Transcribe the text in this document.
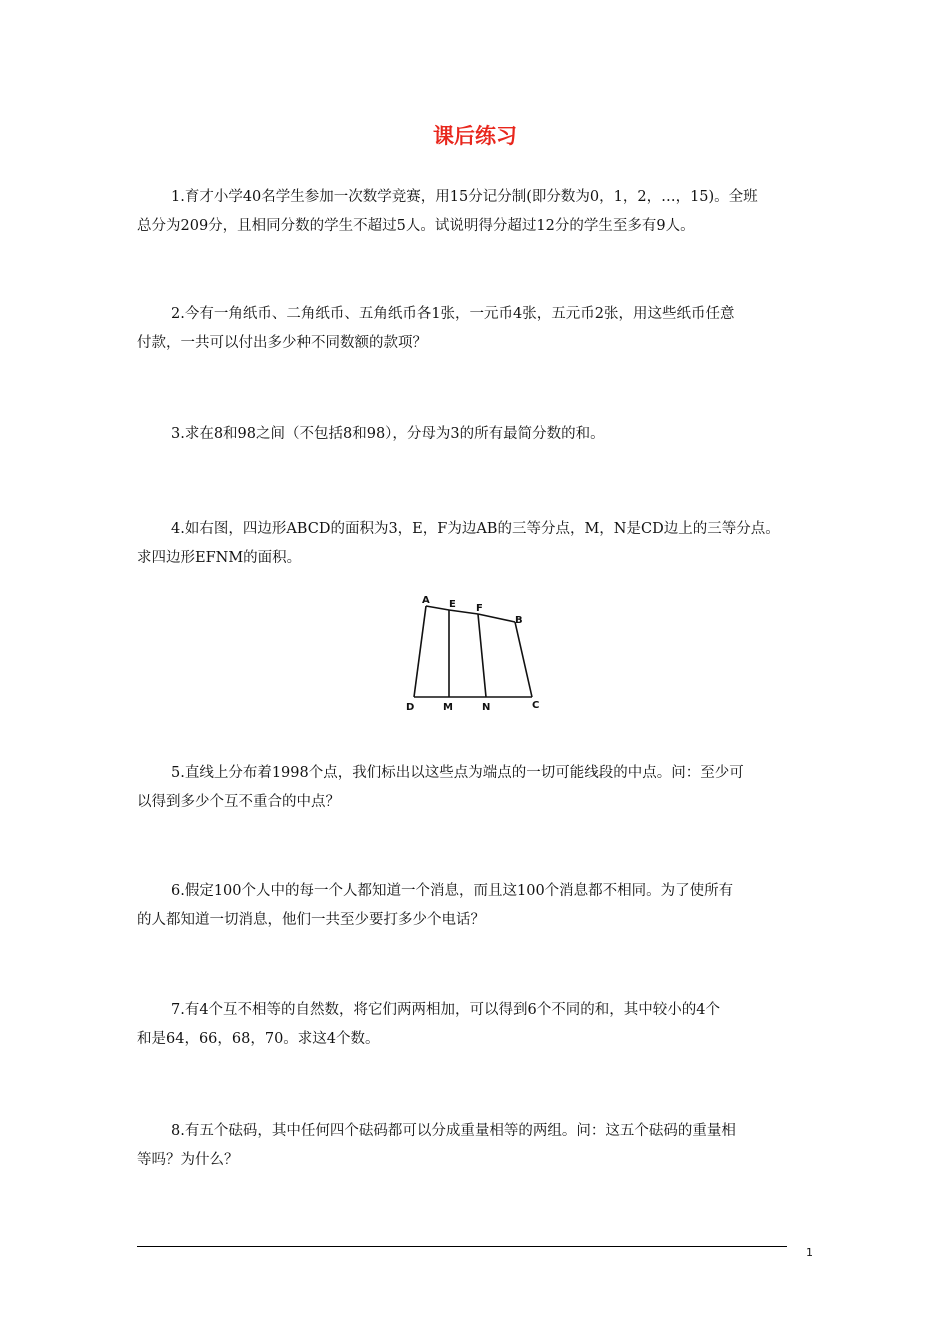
课后练习

1.育才小学40名学生参加一次数学竞赛，用15分记分制(即分数为0，1，2，…，15)。全班
总分为209分，且相同分数的学生不超过5人。试说明得分超过12分的学生至多有9人。

2.今有一角纸币、二角纸币、五角纸币各1张，一元币4张，五元币2张，用这些纸币任意
付款，一共可以付出多少种不同数额的款项？

3.求在8和98之间（不包括8和98），分母为3的所有最简分数的和。

4.如右图，四边形ABCD的面积为3，E，F为边AB的三等分点，M，N是CD边上的三等分点。
求四边形EFNM的面积。

A E F
B
D	M	N	C

5.直线上分布着1998个点，我们标出以这些点为端点的一切可能线段的中点。问：至少可
以得到多少个互不重合的中点？

6.假定100个人中的每一个人都知道一个消息，而且这100个消息都不相同。为了使所有
的人都知道一切消息，他们一共至少要打多少个电话？

7.有4个互不相等的自然数，将它们两两相加，可以得到6个不同的和，其中较小的4个
和是64，66，68，70。求这4个数。

8.有五个砝码，其中任何四个砝码都可以分成重量相等的两组。问：这五个砝码的重量相
等吗？为什么？

1
